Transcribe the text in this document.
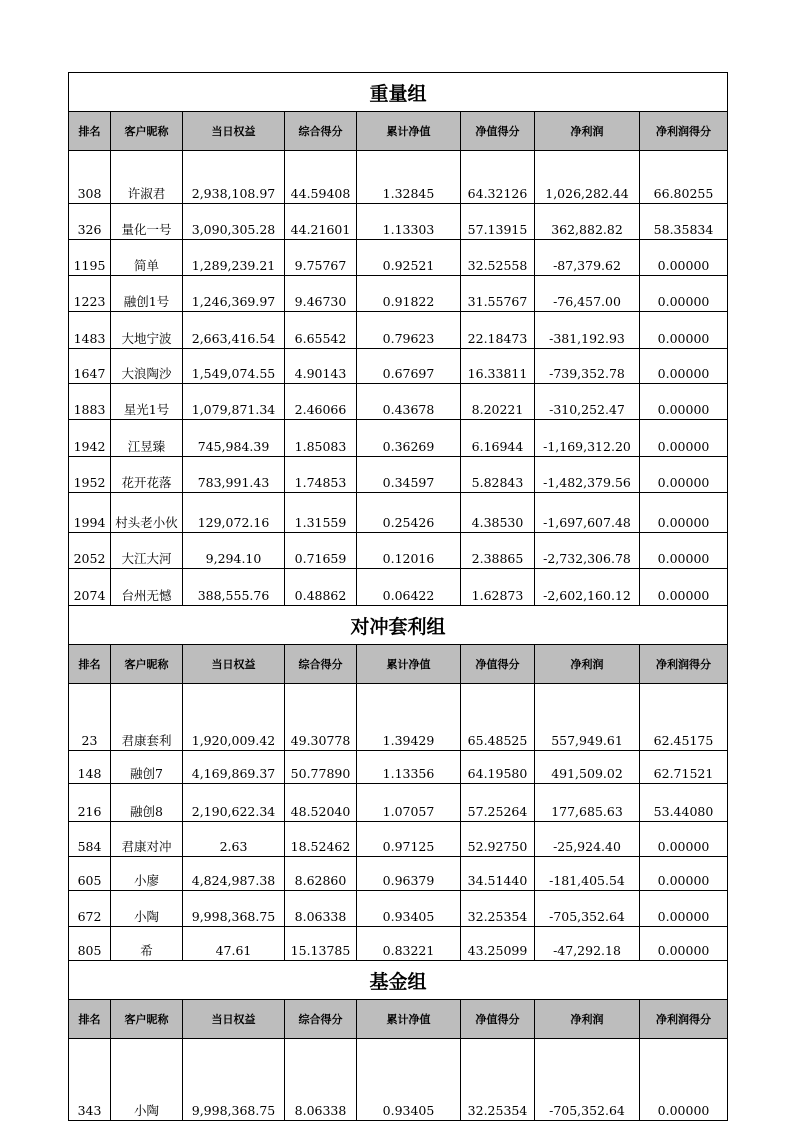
重量组							
排名	客户昵称	当日权益	综合得分	累计净值	净值得分	净利润	净利润得分
308	许淑君	2,938,108.97	44.59408	1.32845	64.32126	1,026,282.44	66.80255
326	量化一号	3,090,305.28	44.21601	1.13303	57.13915	362,882.82	58.35834
1195	简单	1,289,239.21	9.75767	0.92521	32.52558	-87,379.62	0.00000
1223	融创1号	1,246,369.97	9.46730	0.91822	31.55767	-76,457.00	0.00000
1483	大地宁波	2,663,416.54	6.65542	0.79623	22.18473	-381,192.93	0.00000
1647	大浪陶沙	1,549,074.55	4.90143	0.67697	16.33811	-739,352.78	0.00000
1883	星光1号	1,079,871.34	2.46066	0.43678	8.20221	-310,252.47	0.00000
1942	江昱臻	745,984.39	1.85083	0.36269	6.16944	-1,169,312.20	0.00000
1952	花开花落	783,991.43	1.74853	0.34597	5.82843	-1,482,379.56	0.00000
1994	村头老小伙	129,072.16	1.31559	0.25426	4.38530	-1,697,607.48	0.00000
2052	大江大河	9,294.10	0.71659	0.12016	2.38865	-2,732,306.78	0.00000
2074	台州无憾	388,555.76	0.48862	0.06422	1.62873	-2,602,160.12	0.00000
对冲套利组							
排名	客户昵称	当日权益	综合得分	累计净值	净值得分	净利润	净利润得分
23	君康套利	1,920,009.42	49.30778	1.39429	65.48525	557,949.61	62.45175
148	融创7	4,169,869.37	50.77890	1.13356	64.19580	491,509.02	62.71521
216	融创8	2,190,622.34	48.52040	1.07057	57.25264	177,685.63	53.44080
584	君康对冲	2.63	18.52462	0.97125	52.92750	-25,924.40	0.00000
605	小廖	4,824,987.38	8.62860	0.96379	34.51440	-181,405.54	0.00000
672	小陶	9,998,368.75	8.06338	0.93405	32.25354	-705,352.64	0.00000
805	希	47.61	15.13785	0.83221	43.25099	-47,292.18	0.00000
基金组							
排名	客户昵称	当日权益	综合得分	累计净值	净值得分	净利润	净利润得分
343	小陶	9,998,368.75	8.06338	0.93405	32.25354	-705,352.64	0.00000
